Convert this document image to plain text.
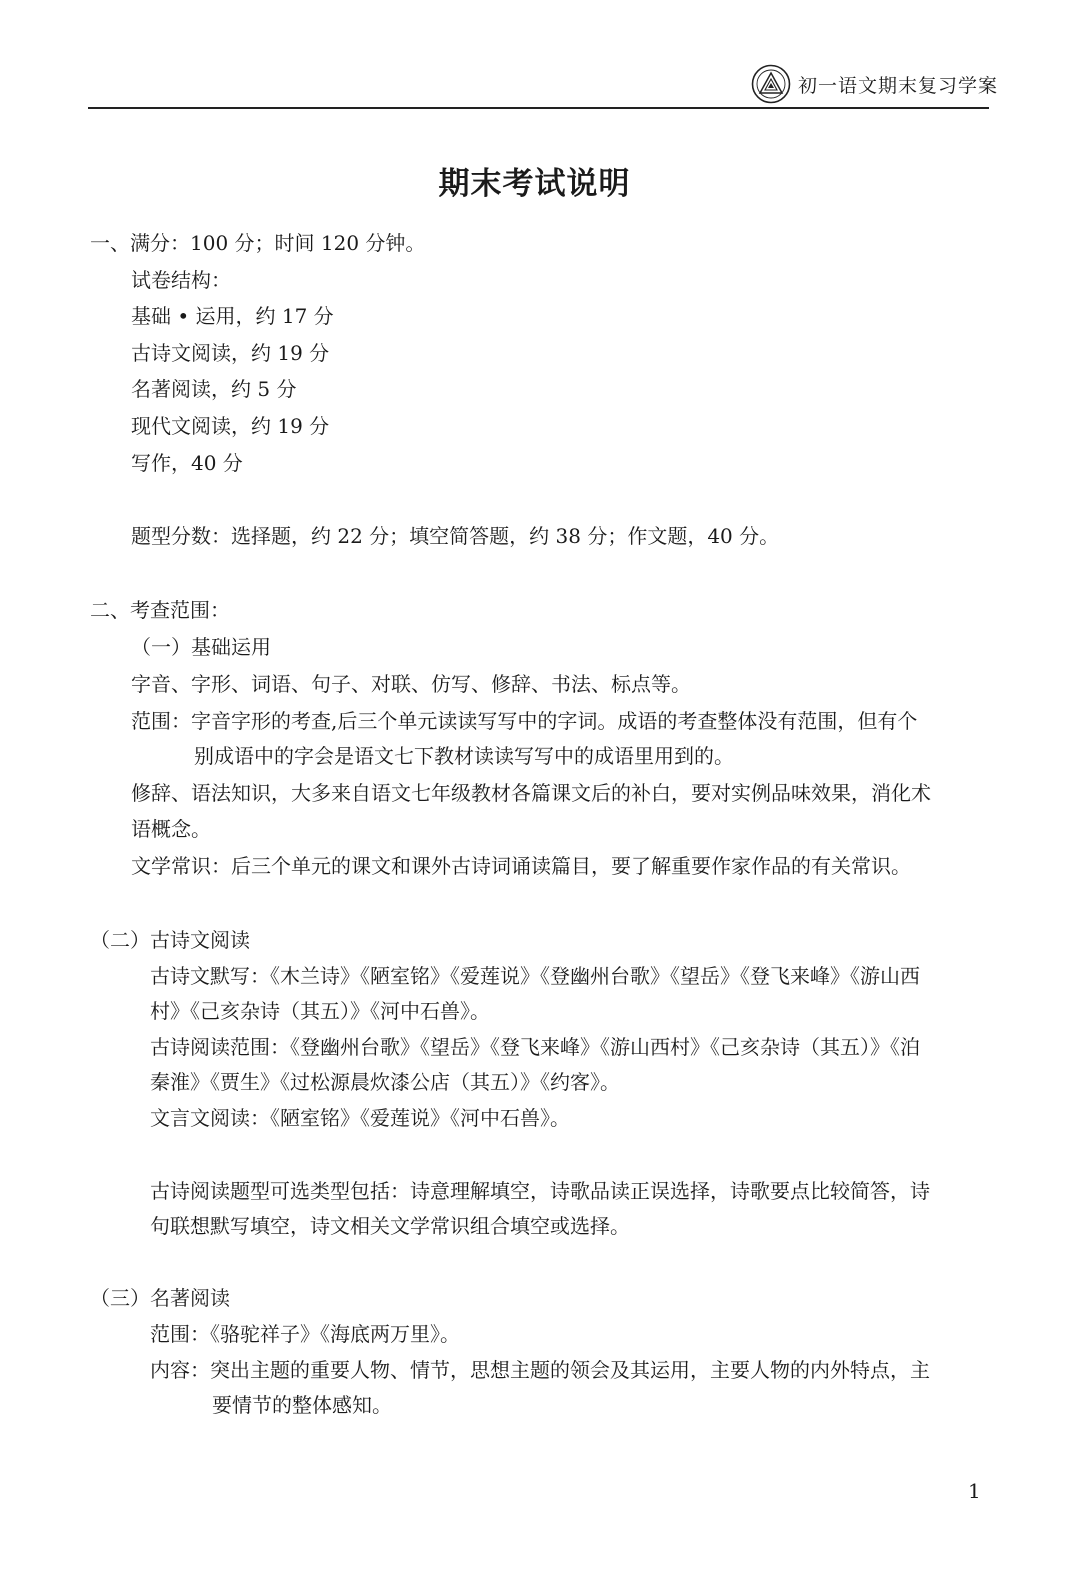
初一语文期末复习学案
期末考试说明
一、满分：100 分；时间 120 分钟。
试卷结构：
基础 • 运用，约 17 分
古诗文阅读，约 19 分
名著阅读，约 5 分
现代文阅读，约 19 分
写作，40 分
题型分数：选择题，约 22 分；填空简答题，约 38 分；作文题，40 分。
二、考查范围：
（一）基础运用
字音、字形、词语、句子、对联、仿写、修辞、书法、标点等。
范围：字音字形的考查,后三个单元读读写写中的字词。成语的考查整体没有范围，但有个
别成语中的字会是语文七下教材读读写写中的成语里用到的。
修辞、语法知识，大多来自语文七年级教材各篇课文后的补白，要对实例品味效果，消化术
语概念。
文学常识：后三个单元的课文和课外古诗词诵读篇目，要了解重要作家作品的有关常识。
（二）古诗文阅读
古诗文默写：《木兰诗》《陋室铭》《爱莲说》《登幽州台歌》《望岳》《登飞来峰》《游山西
村》《己亥杂诗（其五）》《河中石兽》。
古诗阅读范围：《登幽州台歌》《望岳》《登飞来峰》《游山西村》《己亥杂诗（其五）》《泊
秦淮》《贾生》《过松源晨炊漆公店（其五）》《约客》。
文言文阅读：《陋室铭》《爱莲说》《河中石兽》。
古诗阅读题型可选类型包括：诗意理解填空，诗歌品读正误选择，诗歌要点比较简答，诗
句联想默写填空，诗文相关文学常识组合填空或选择。
（三）名著阅读
范围：《骆驼祥子》《海底两万里》。
内容：突出主题的重要人物、情节，思想主题的领会及其运用，主要人物的内外特点，主
要情节的整体感知。
1
